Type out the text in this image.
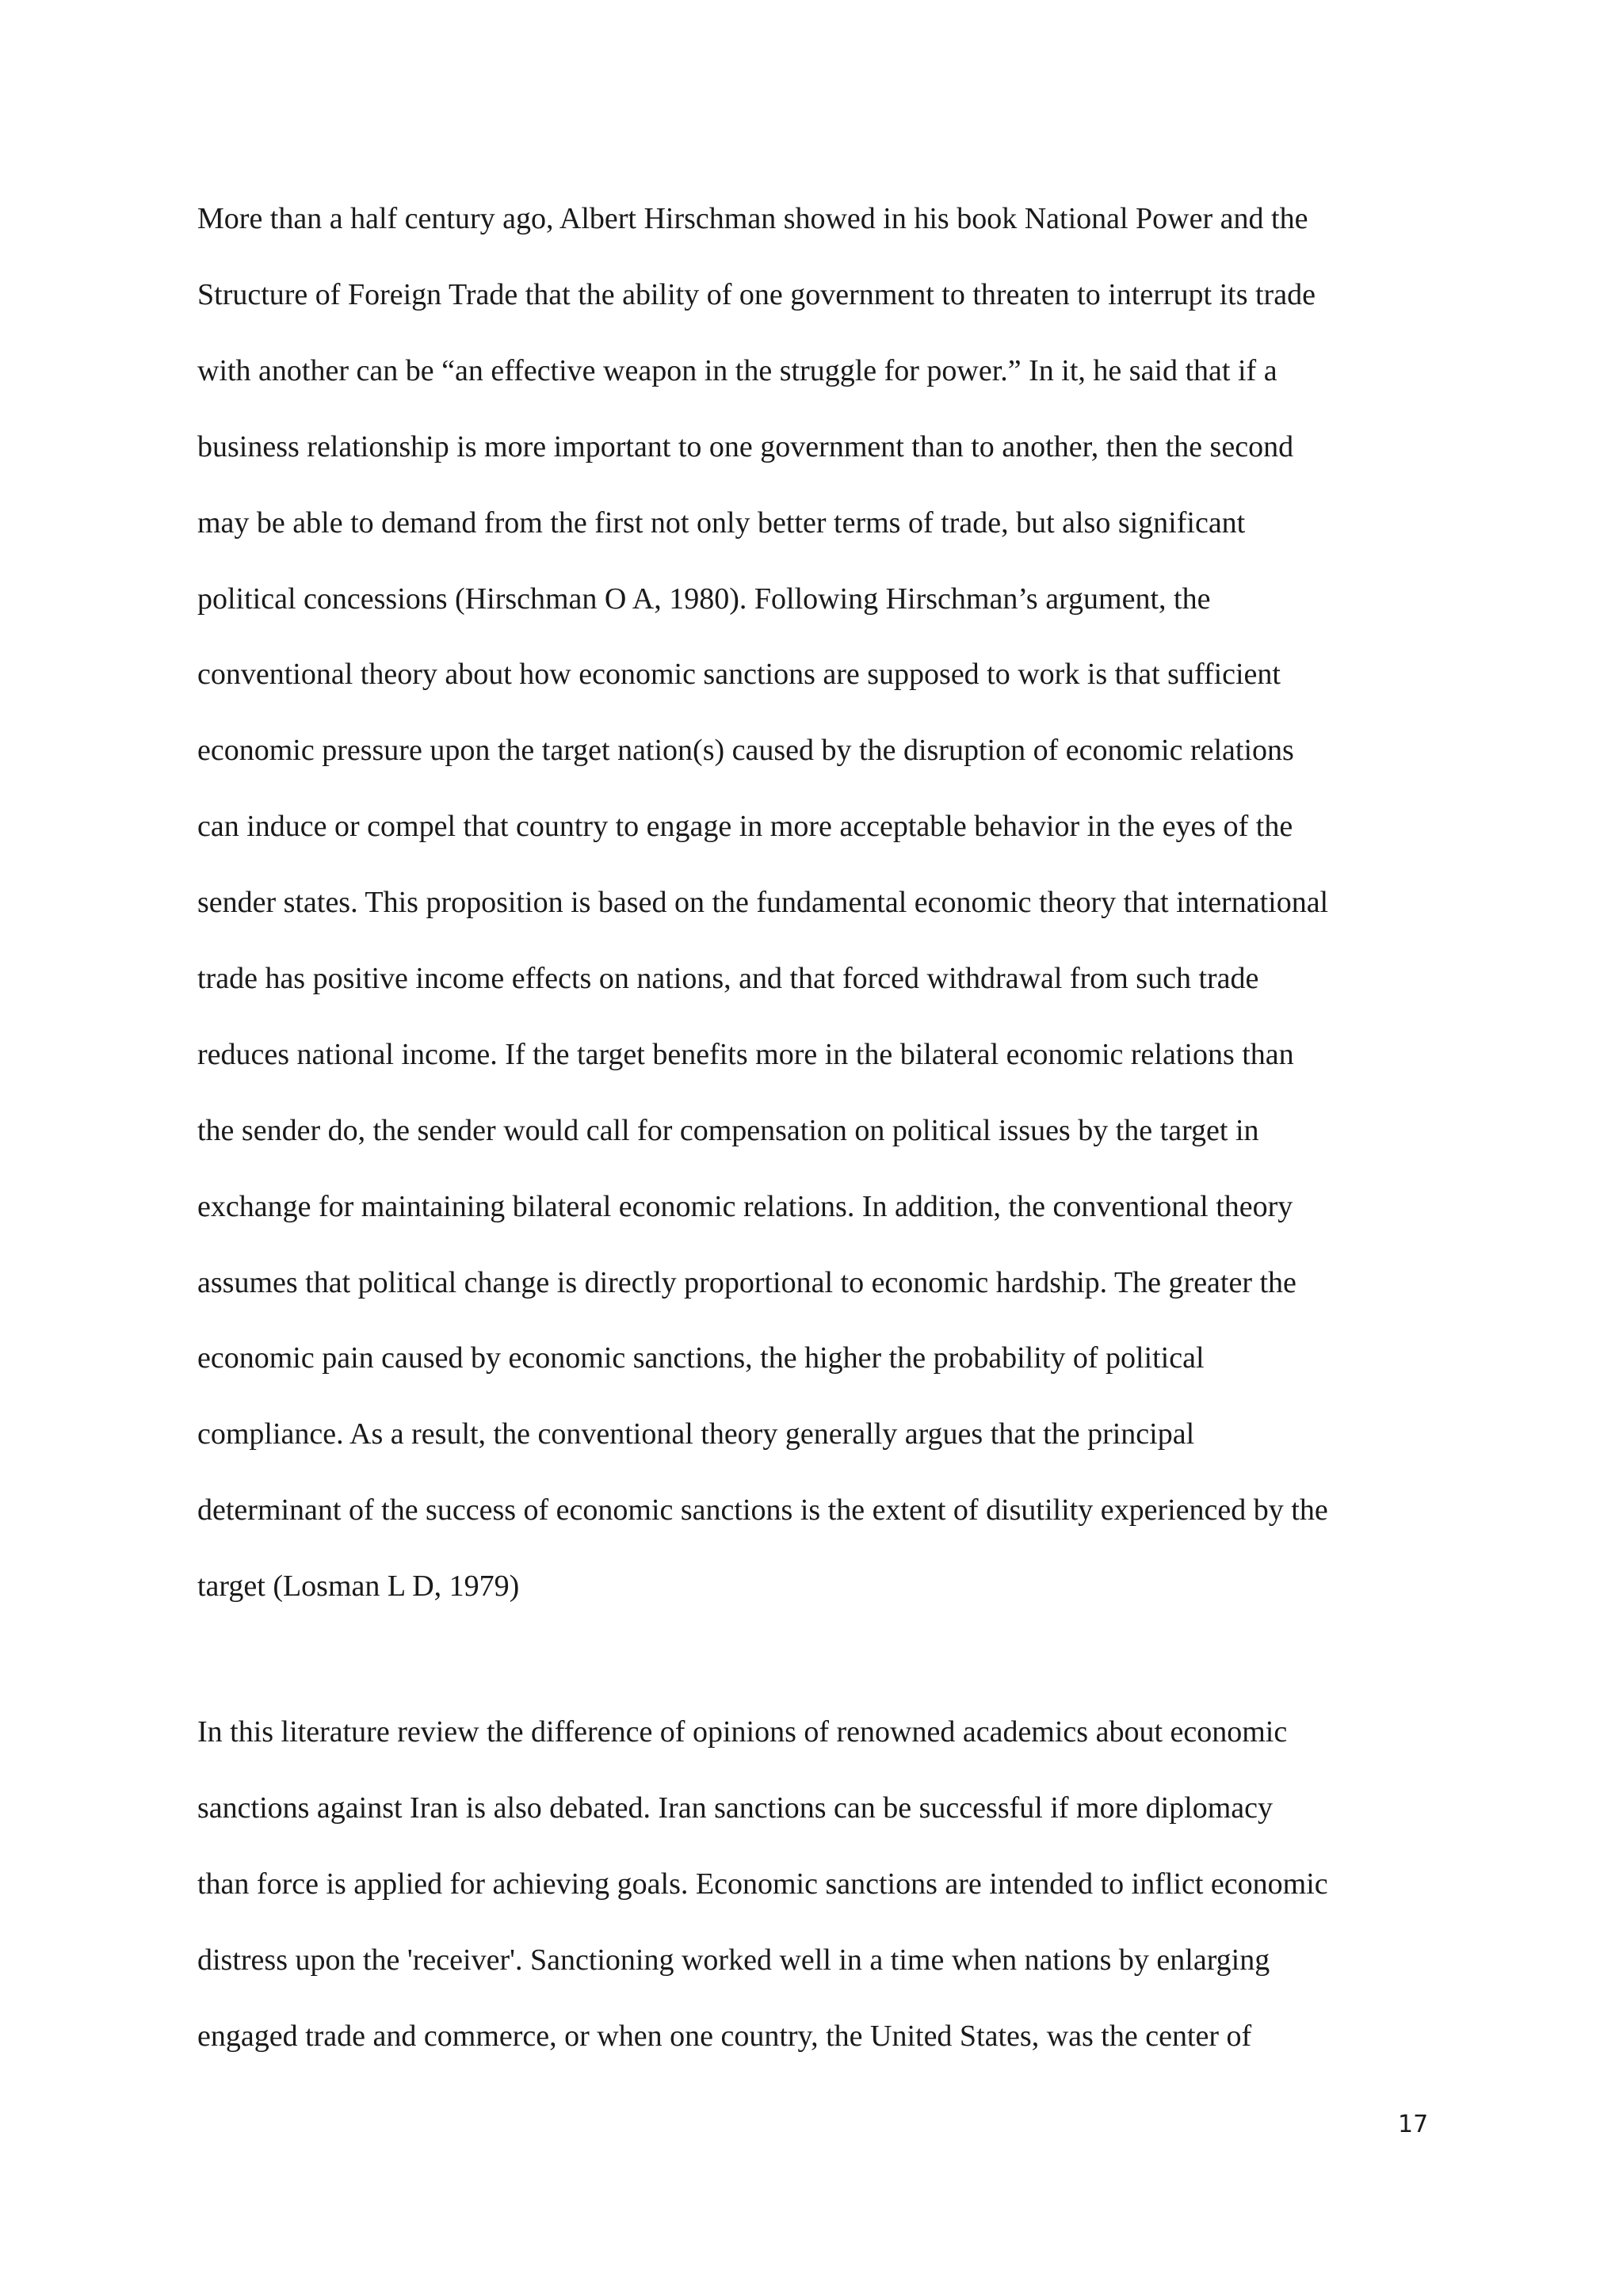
More than a half century ago, Albert Hirschman showed in his book National Power and the
Structure of Foreign Trade that the ability of one government to threaten to interrupt its trade
with another can be “an effective weapon in the struggle for power.” In it, he said that if a
business relationship is more important to one government than to another, then the second
may be able to demand from the first not only better terms of trade, but also significant
political concessions (Hirschman O A, 1980). Following Hirschman’s argument, the
conventional theory about how economic sanctions are supposed to work is that sufficient
economic pressure upon the target nation(s) caused by the disruption of economic relations
can induce or compel that country to engage in more acceptable behavior in the eyes of the
sender states. This proposition is based on the fundamental economic theory that international
trade has positive income effects on nations, and that forced withdrawal from such trade
reduces national income. If the target benefits more in the bilateral economic relations than
the sender do, the sender would call for compensation on political issues by the target in
exchange for maintaining bilateral economic relations. In addition, the conventional theory
assumes that political change is directly proportional to economic hardship. The greater the
economic pain caused by economic sanctions, the higher the probability of political
compliance. As a result, the conventional theory generally argues that the principal
determinant of the success of economic sanctions is the extent of disutility experienced by the
target (Losman L D, 1979)
In this literature review the difference of opinions of renowned academics about economic
sanctions against Iran is also debated. Iran sanctions can be successful if more diplomacy
than force is applied for achieving goals. Economic sanctions are intended to inflict economic
distress upon the 'receiver'. Sanctioning worked well in a time when nations by enlarging
engaged trade and commerce, or when one country, the United States, was the center of
17
